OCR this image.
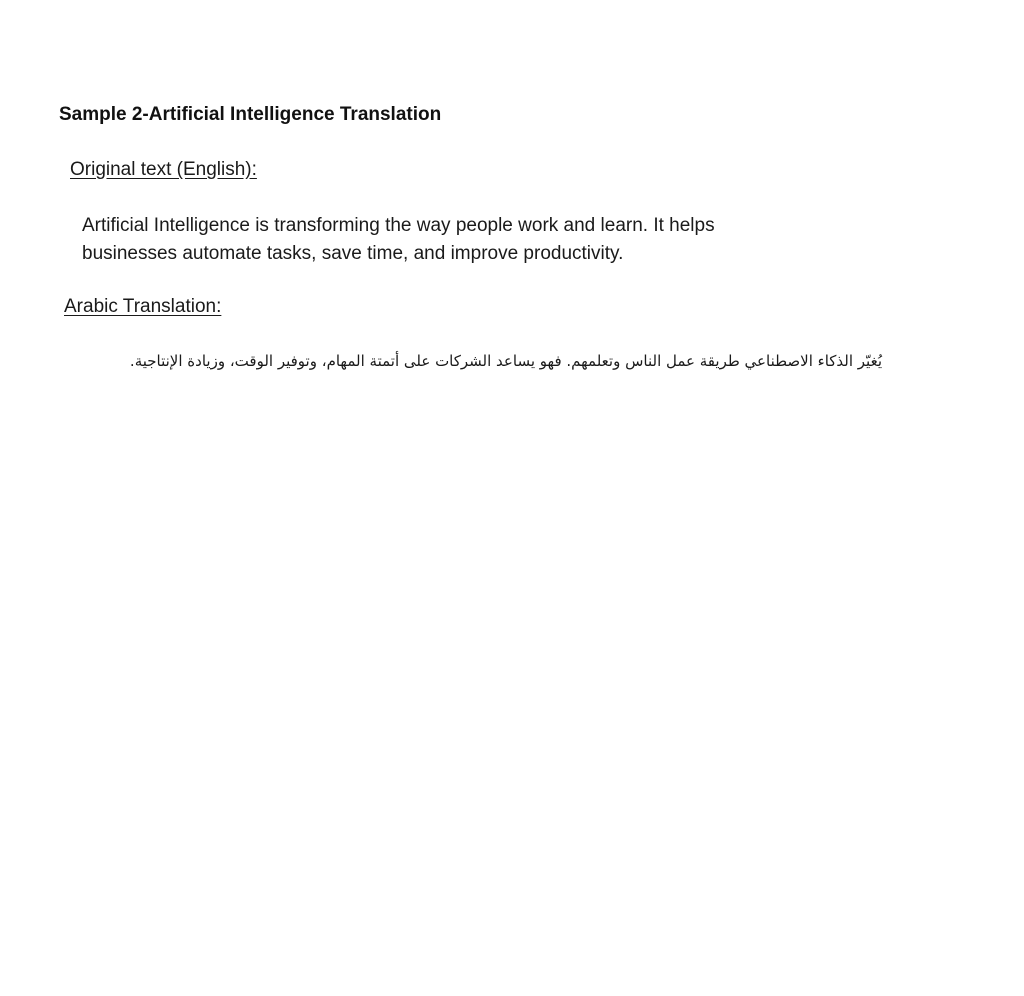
Sample 2-Artificial Intelligence Translation
Original text (English):

Artificial Intelligence is transforming the way people work and learn. It helps businesses automate tasks, save time, and improve productivity.

Arabic Translation:

يُغيّر الذكاء الاصطناعي طريقة عمل الناس وتعلمهم. فهو يساعد الشركات على أتمتة المهام، وتوفير الوقت، وزيادة الإنتاجية.
